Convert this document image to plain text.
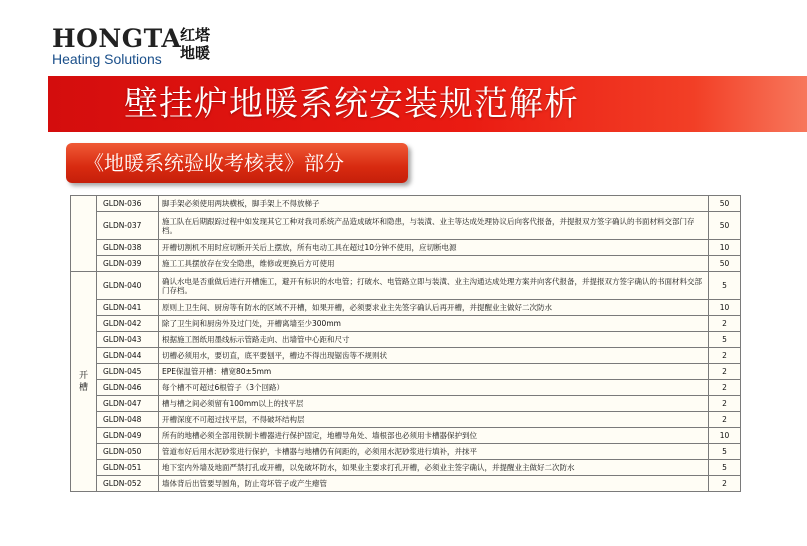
HONGTA
红塔地暖
Heating Solutions
壁挂炉地暖系统安装规范解析
《地暖系统验收考核表》部分
	GLDN-036	脚手架必须使用两块横板，脚手架上不得放梯子	50
	GLDN-037	施工队在后期跟踪过程中如发现其它工种对我司系统产品造成破坏和隐患，与装潢、业主等达成处理协议后向客代报备，并提报双方签字确认的书面材料交部门存档。	50
	GLDN-038	开槽切割机不用时应切断开关后上摆放，所有电动工具在超过10分钟不使用，应切断电源	10
	GLDN-039	施工工具摆放存在安全隐患，维修或更换后方可使用	50
开
槽	GLDN-040	确认水电是否重做后进行开槽施工，避开有标识的水电管；打破水、电管路立即与装潢、业主沟通达成处理方案并向客代报备，并提报双方签字确认的书面材料交部门存档。	5
	GLDN-041	原则上卫生间、厨房等有防水的区域不开槽，如果开槽，必须要求业主先签字确认后再开槽，并提醒业主做好二次防水	10
	GLDN-042	除了卫生间和厨房外及过门处，开槽离墙至少300mm	2
	GLDN-043	根据施工图纸用墨线标示管路走向、出墙管中心距和尺寸	5
	GLDN-044	切槽必须用水，要切直，底平要刨平，槽边不得出现锯齿等不规则状	2
	GLDN-045	EPE保温管开槽：槽宽80±5mm	2
	GLDN-046	每个槽不可超过6根管子（3个回路）	2
	GLDN-047	槽与槽之间必须留有100mm以上的找平层	2
	GLDN-048	开槽深度不可超过找平层，不得破坏结构层	2
	GLDN-049	所有的地槽必须全部用铁制卡槽器进行保护固定，地槽导角处、墙根部也必须用卡槽器保护到位	10
	GLDN-050	管道布好后用水泥砂浆进行保护，卡槽器与地槽仍有间距的，必须用水泥砂浆进行填补，并抹平	5
	GLDN-051	地下室内外墙及地面严禁打孔或开槽，以免破坏防水，如果业主要求打孔开槽，必须业主签字确认，并提醒业主做好二次防水	5
	GLDN-052	墙体背后出管要导圆角，防止弯坏管子或产生瘪管	2
